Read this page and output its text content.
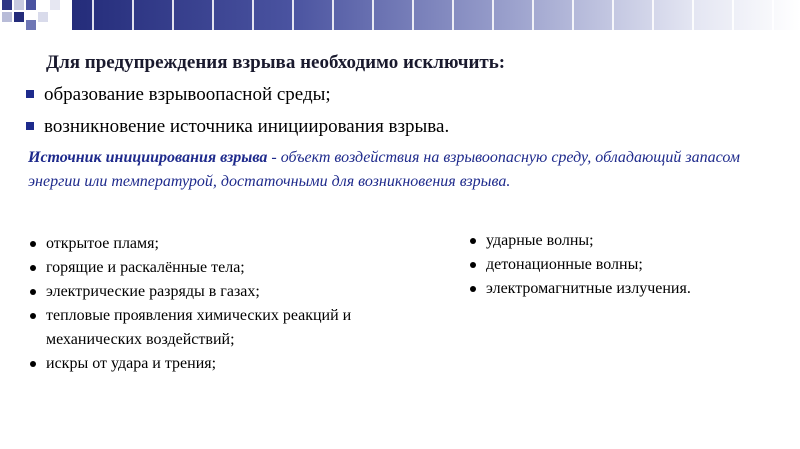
Для предупреждения взрыва необходимо исключить:
образование взрывоопасной среды;
возникновение источника инициирования взрыва.
Источник инициирования взрыва - объект воздействия на взрывоопасную среду, обладающий запасом энергии или температурой, достаточными для возникновения взрыва.
открытое пламя;
горящие и раскалённые тела;
электрические разряды в газах;
тепловые проявления химических реакций и механических воздействий;
искры от удара и трения;
ударные волны;
детонационные волны;
электромагнитные излучения.
